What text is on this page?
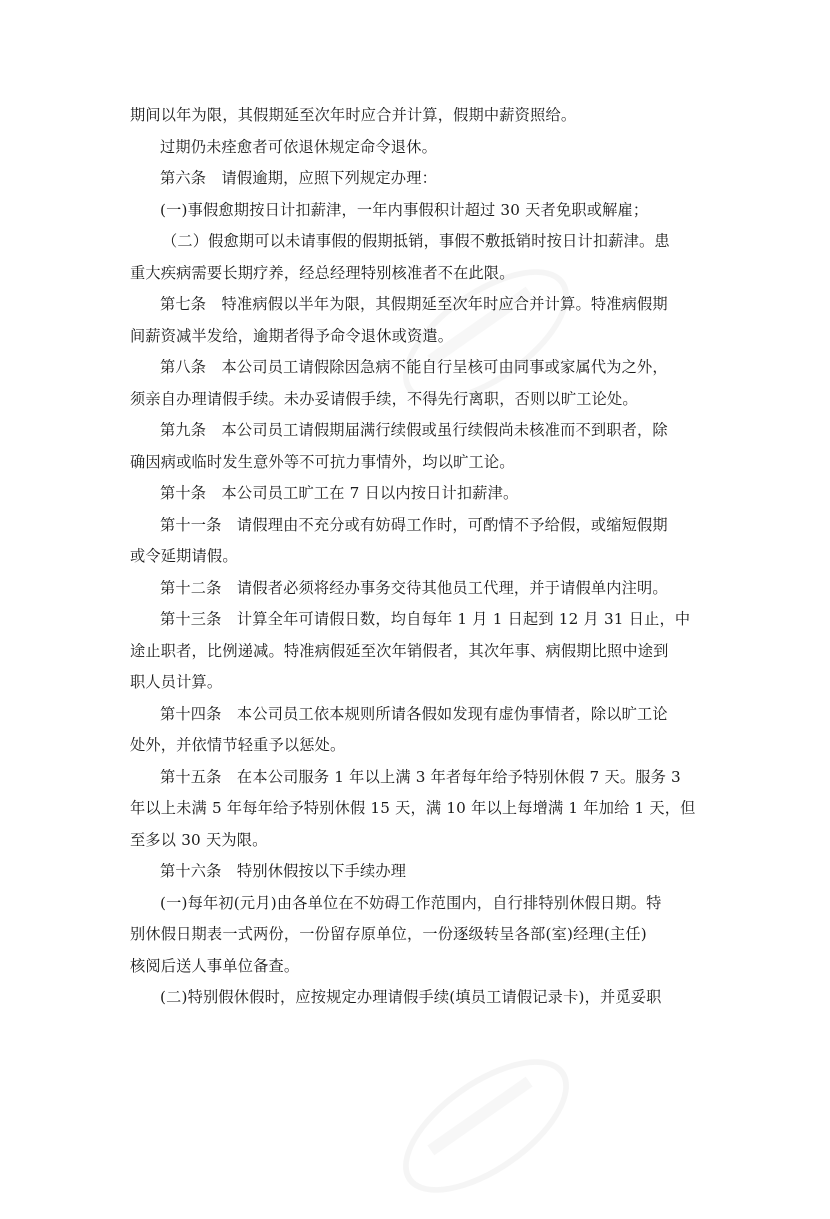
期间以年为限，其假期延至次年时应合并计算，假期中薪资照给。
过期仍未痊愈者可依退休规定命令退休。
第六条　请假逾期，应照下列规定办理：
(一)事假愈期按日计扣薪津，一年内事假积计超过 30 天者免职或解雇；
（二）假愈期可以未请事假的假期抵销，事假不敷抵销时按日计扣薪津。患
重大疾病需要长期疗养，经总经理特别核准者不在此限。
第七条　特准病假以半年为限，其假期延至次年时应合并计算。特准病假期
间薪资减半发给，逾期者得予命令退休或资遣。
第八条　本公司员工请假除因急病不能自行呈核可由同事或家属代为之外，
须亲自办理请假手续。未办妥请假手续，不得先行离职，否则以旷工论处。
第九条　本公司员工请假期届满行续假或虽行续假尚未核准而不到职者，除
确因病或临时发生意外等不可抗力事情外，均以旷工论。
第十条　本公司员工旷工在 7 日以内按日计扣薪津。
第十一条　请假理由不充分或有妨碍工作时，可酌情不予给假，或缩短假期
或令延期请假。
第十二条　请假者必须将经办事务交待其他员工代理，并于请假单内注明。
第十三条　计算全年可请假日数，均自每年 1 月 1 日起到 12 月 31 日止，中
途止职者，比例递减。特准病假延至次年销假者，其次年事、病假期比照中途到
职人员计算。
第十四条　本公司员工依本规则所请各假如发现有虚伪事情者，除以旷工论
处外，并依情节轻重予以惩处。
第十五条　在本公司服务 1 年以上满 3 年者每年给予特别休假 7 天。服务 3
年以上未满 5 年每年给予特别休假 15 天，满 10 年以上每增满 1 年加给 1 天，但
至多以 30 天为限。
第十六条　特别休假按以下手续办理
(一)每年初(元月)由各单位在不妨碍工作范围内，自行排特别休假日期。特
别休假日期表一式两份，一份留存原单位，一份逐级转呈各部(室)经理(主任)
核阅后送人事单位备查。
(二)特别假休假时，应按规定办理请假手续(填员工请假记录卡)，并觅妥职
